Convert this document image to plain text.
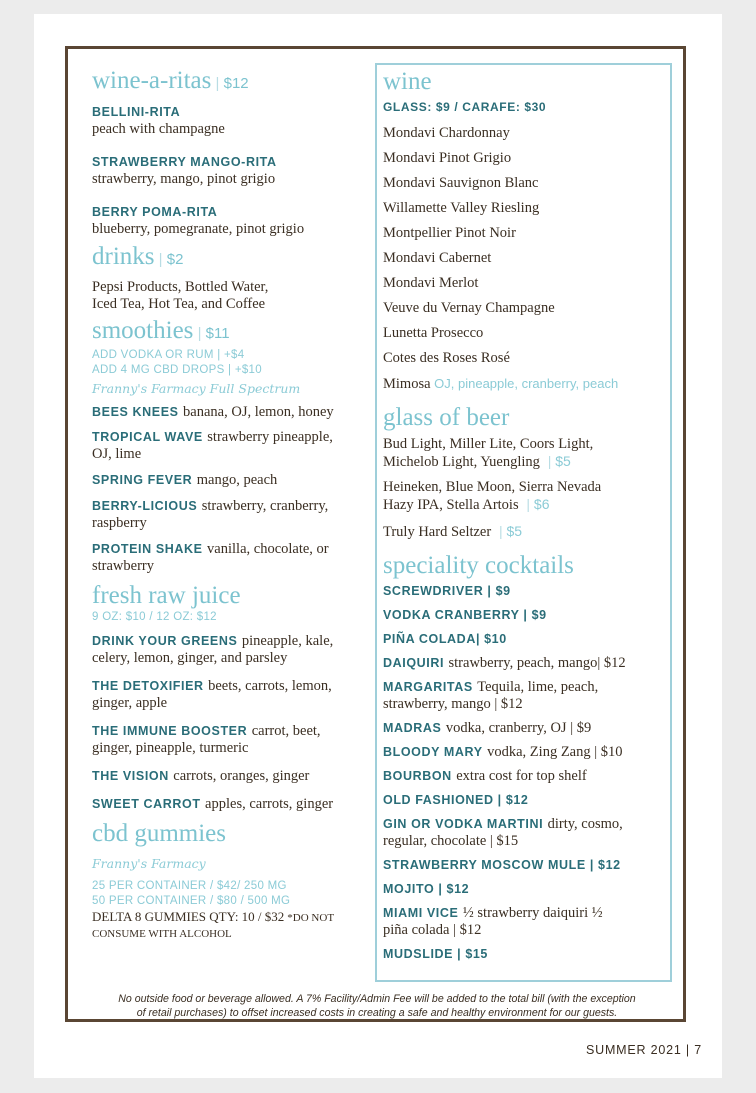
wine-a-ritas | $12
BELLINI-RITA
peach with champagne
STRAWBERRY MANGO-RITA
strawberry, mango, pinot grigio
BERRY POMA-RITA
blueberry, pomegranate, pinot grigio
drinks | $2
Pepsi Products, Bottled Water,
Iced Tea, Hot Tea, and Coffee
smoothies | $11
ADD VODKA OR RUM | +$4
ADD 4 MG CBD DROPS | +$10
Franny's Farmacy Full Spectrum
BEES KNEES banana, OJ, lemon, honey
TROPICAL WAVE strawberry pineapple,
OJ, lime
SPRING FEVER mango, peach
BERRY-LICIOUS strawberry, cranberry,
raspberry
PROTEIN SHAKE vanilla, chocolate, or
strawberry
fresh raw juice
9 OZ: $10 / 12 OZ: $12
DRINK YOUR GREENS pineapple, kale,
celery, lemon, ginger, and parsley
THE DETOXIFIER beets, carrots, lemon,
ginger, apple
THE IMMUNE BOOSTER carrot, beet,
ginger, pineapple, turmeric
THE VISION carrots, oranges, ginger
SWEET CARROT apples, carrots, ginger
cbd gummies
Franny's Farmacy
25 PER CONTAINER / $42/ 250 MG
50 PER CONTAINER / $80 / 500 MG
DELTA 8 GUMMIES QTY: 10 / $32 *DO NOT
CONSUME WITH ALCOHOL
wine
GLASS: $9 / CARAFE: $30
Mondavi Chardonnay
Mondavi Pinot Grigio
Mondavi Sauvignon Blanc
Willamette Valley Riesling
Montpellier Pinot Noir
Mondavi Cabernet
Mondavi Merlot
Veuve du Vernay Champagne
Lunetta Prosecco
Cotes des Roses Rosé
Mimosa OJ, pineapple, cranberry, peach
glass of beer
Bud Light, Miller Lite, Coors Light,
Michelob Light, Yuengling  | $5
Heineken, Blue Moon, Sierra Nevada
Hazy IPA, Stella Artois  | $6
Truly Hard Seltzer  | $5
speciality cocktails
SCREWDRIVER | $9
VODKA CRANBERRY | $9
PIÑA COLADA| $10
DAIQUIRI strawberry, peach, mango| $12
MARGARITAS Tequila, lime, peach,
strawberry, mango | $12
MADRAS vodka, cranberry, OJ | $9
BLOODY MARY vodka, Zing Zang | $10
BOURBON extra cost for top shelf
OLD FASHIONED | $12
GIN OR VODKA MARTINI dirty, cosmo,
regular, chocolate | $15
STRAWBERRY MOSCOW MULE | $12
MOJITO | $12
MIAMI VICE ½ strawberry daiquiri ½
piña colada | $12
MUDSLIDE | $15
No outside food or beverage allowed. A 7% Facility/Admin Fee will be added to the total bill (with the exception
of retail purchases) to offset increased costs in creating a safe and healthy environment for our guests.
SUMMER 2021 | 7
